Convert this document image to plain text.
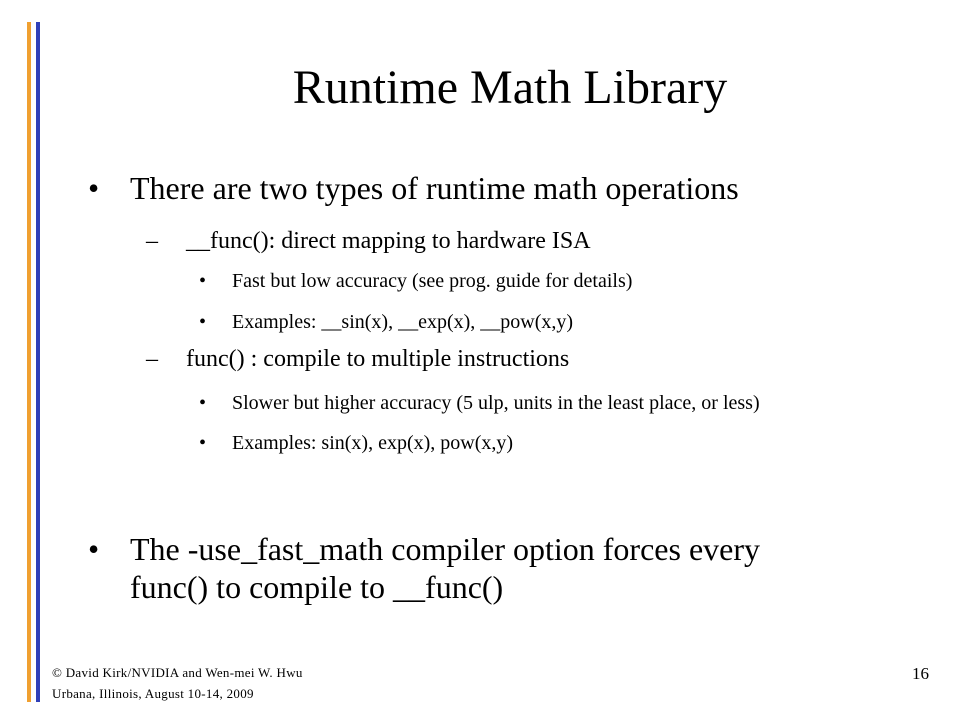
Runtime Math Library
• There are two types of runtime math operations
– __func(): direct mapping to hardware ISA
• Fast but low accuracy (see prog. guide for details)
• Examples: __sin(x), __exp(x), __pow(x,y)
– func() : compile to multiple instructions
• Slower but higher accuracy (5 ulp, units in the least place, or less)
• Examples: sin(x), exp(x), pow(x,y)
• The -use_fast_math compiler option forces every
func() to compile to __func()
© David Kirk/NVIDIA and Wen-mei W. Hwu
Urbana, Illinois, August 10-14, 2009
16
